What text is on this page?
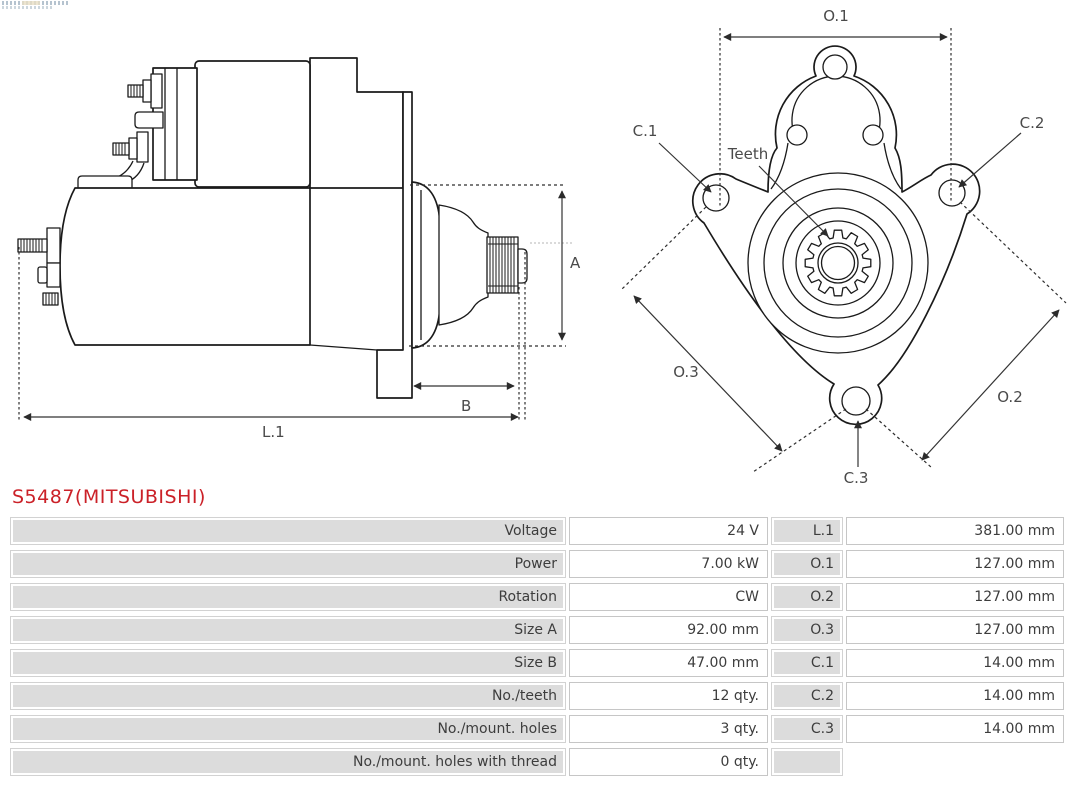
A
B
L.1
O.1
C.1	C.2
Teeth
O.3
O.2
C.3
S5487(MITSUBISHI)
Voltage	24 V	L.1	381.00 mm
Power	7.00 kW	O.1	127.00 mm
Rotation	CW	O.2	127.00 mm
Size A	92.00 mm	O.3	127.00 mm
Size B	47.00 mm	C.1	14.00 mm
No./teeth	12 qty.	C.2	14.00 mm
No./mount. holes	3 qty.	C.3	14.00 mm
No./mount. holes with thread	0 qty.
